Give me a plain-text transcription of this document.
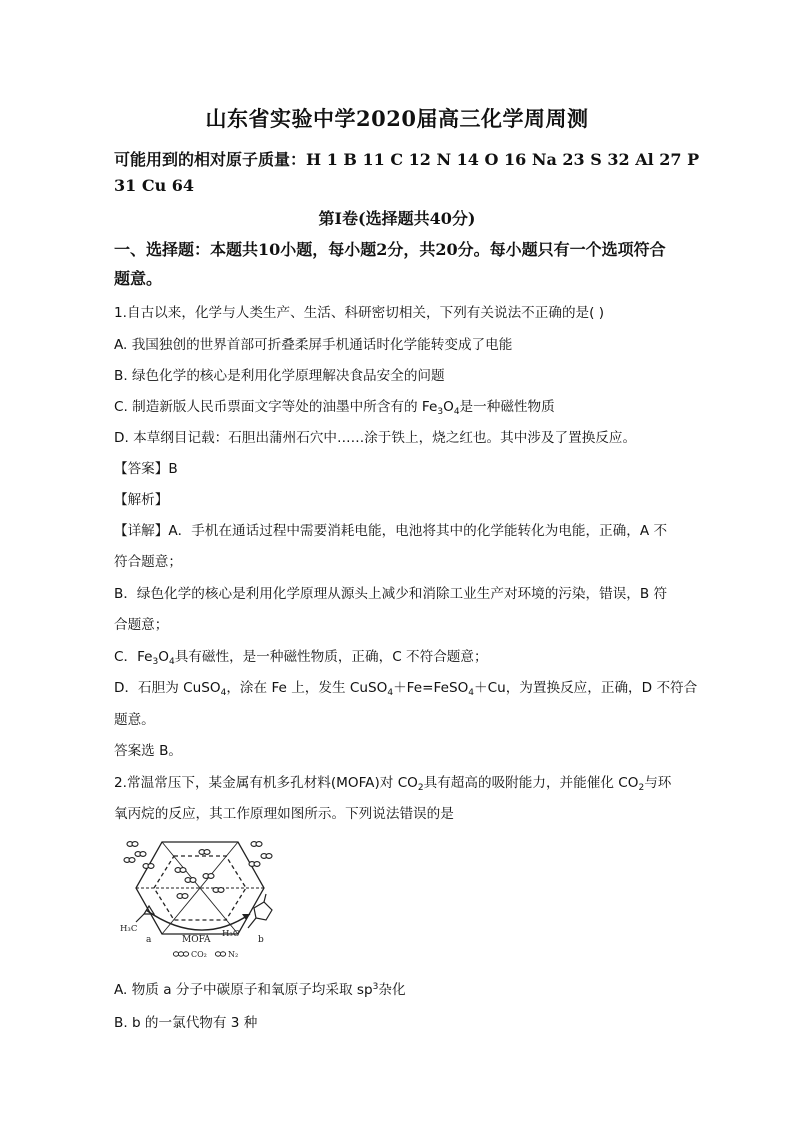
山东省实验中学2020届高三化学周周测
可能用到的相对原子质量：H 1 B 11 C 12 N 14 O 16 Na 23 S 32 Al 27 P
31 Cu 64
第Ⅰ卷(选择题共40分)
一、选择题：本题共10小题，每小题2分，共20分。每小题只有一个选项符合
题意。
1.自古以来，化学与人类生产、生活、科研密切相关，下列有关说法不正确的是( )
A. 我国独创的世界首部可折叠柔屏手机通话时化学能转变成了电能
B. 绿色化学的核心是利用化学原理解决食品安全的问题
C. 制造新版人民币票面文字等处的油墨中所含有的 $Fe_3O_4$是一种磁性物质
D. 本草纲目记载：石胆出蒲州石穴中……涂于铁上，烧之红也。其中涉及了置换反应。
【答案】B
【解析】
【详解】A．手机在通话过程中需要消耗电能，电池将其中的化学能转化为电能，正确，A 不
符合题意；
B．绿色化学的核心是利用化学原理从源头上减少和消除工业生产对环境的污染，错误，B 符
合题意；
C．$Fe_3O_4$具有磁性，是一种磁性物质，正确，C 不符合题意；
D．石胆为 CuSO$_4$，涂在 Fe 上，发生 CuSO$_4$＋Fe=FeSO$_4$＋Cu，为置换反应，正确，D 不符合
题意。
答案选 B。
2.常温常压下，某金属有机多孔材料(MOFA)对 $CO_2$具有超高的吸附能力，并能催化 $CO_2$与环
氧丙烷的反应，其工作原理如图所示。下列说法错误的是
H₃C
a	MOFA
H₃C
b
CO₂	N₂
A. 物质 a 分子中碳原子和氧原子均采取 $sp^3$杂化
B. b 的一氯代物有 3 种
